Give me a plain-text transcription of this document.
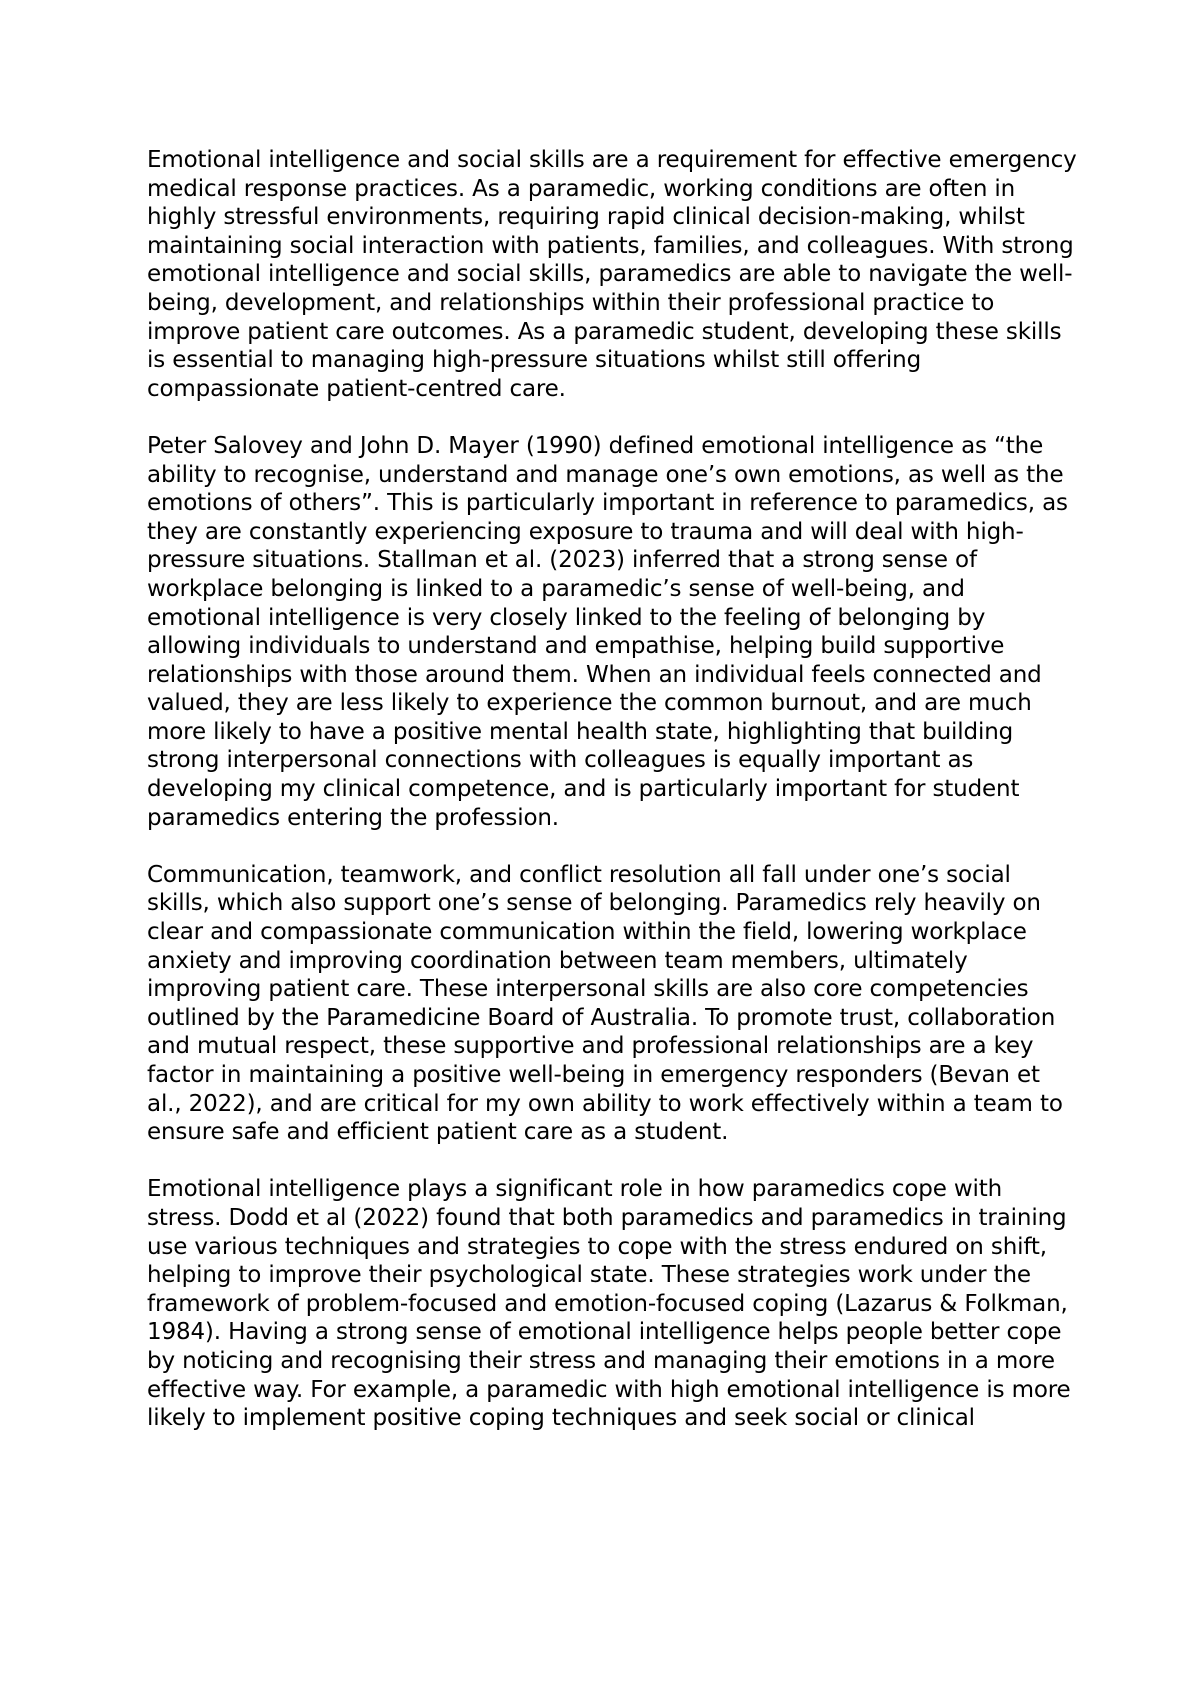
Emotional intelligence and social skills are a requirement for effective emergency medical response practices. As a paramedic, working conditions are often in highly stressful environments, requiring rapid clinical decision-making, whilst maintaining social interaction with patients, families, and colleagues. With strong emotional intelligence and social skills, paramedics are able to navigate the well-being, development, and relationships within their professional practice to improve patient care outcomes. As a paramedic student, developing these skills is essential to managing high-pressure situations whilst still offering compassionate patient-centred care.

Peter Salovey and John D. Mayer (1990) defined emotional intelligence as “the ability to recognise, understand and manage one’s own emotions, as well as the emotions of others”. This is particularly important in reference to paramedics, as they are constantly experiencing exposure to trauma and will deal with high-pressure situations. Stallman et al. (2023) inferred that a strong sense of workplace belonging is linked to a paramedic’s sense of well-being, and emotional intelligence is very closely linked to the feeling of belonging by allowing individuals to understand and empathise, helping build supportive relationships with those around them. When an individual feels connected and valued, they are less likely to experience the common burnout, and are much more likely to have a positive mental health state, highlighting that building strong interpersonal connections with colleagues is equally important as developing my clinical competence, and is particularly important for student paramedics entering the profession.

Communication, teamwork, and conflict resolution all fall under one’s social skills, which also support one’s sense of belonging. Paramedics rely heavily on clear and compassionate communication within the field, lowering workplace anxiety and improving coordination between team members, ultimately improving patient care. These interpersonal skills are also core competencies outlined by the Paramedicine Board of Australia. To promote trust, collaboration and mutual respect, these supportive and professional relationships are a key factor in maintaining a positive well-being in emergency responders (Bevan et al., 2022), and are critical for my own ability to work effectively within a team to ensure safe and efficient patient care as a student.

Emotional intelligence plays a significant role in how paramedics cope with stress. Dodd et al (2022) found that both paramedics and paramedics in training use various techniques and strategies to cope with the stress endured on shift, helping to improve their psychological state. These strategies work under the framework of problem-focused and emotion-focused coping (Lazarus & Folkman, 1984). Having a strong sense of emotional intelligence helps people better cope by noticing and recognising their stress and managing their emotions in a more effective way. For example, a paramedic with high emotional intelligence is more likely to implement positive coping techniques and seek social or clinical
